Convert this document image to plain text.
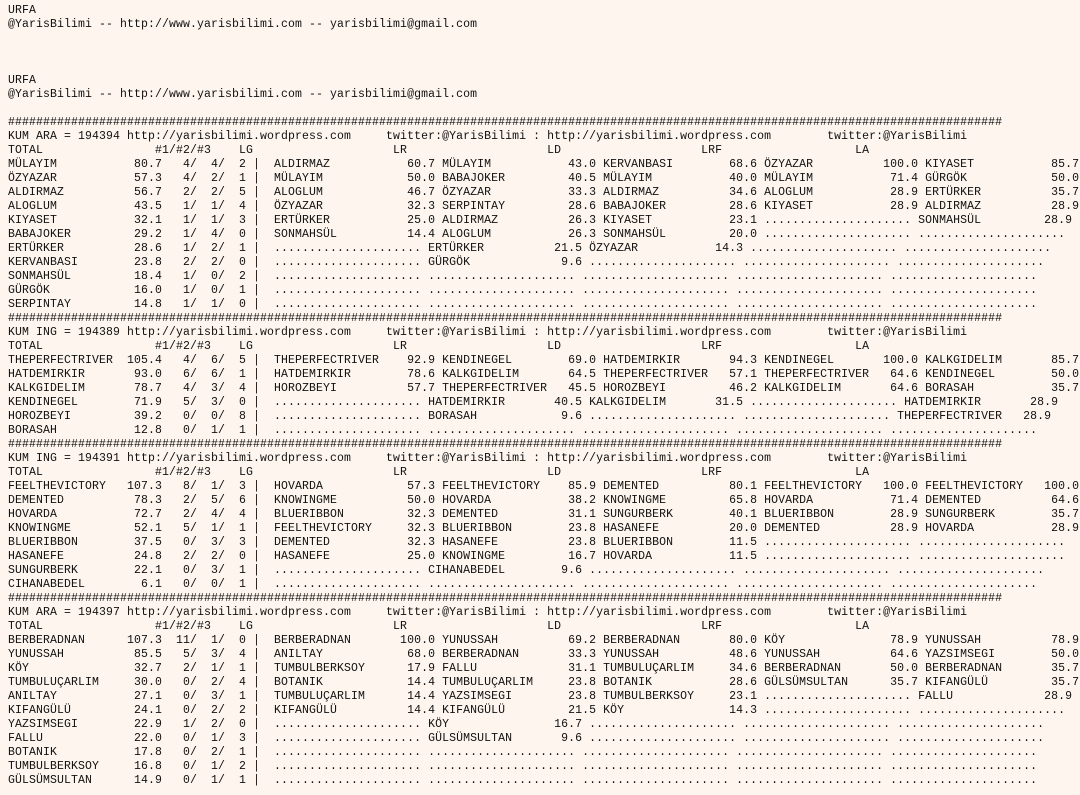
URFA
@YarisBilimi -- http://www.yarisbilimi.com -- yarisbilimi@gmail.com
URFA
@YarisBilimi -- http://www.yarisbilimi.com -- yarisbilimi@gmail.com
##############################################################################################################################################
KUM ARA = 194394 http://yarisbilimi.wordpress.com     twitter:@YarisBilimi : http://yarisbilimi.wordpress.com        twitter:@YarisBilimi
TOTAL                #1/#2/#3    LG                    LR                    LD                    LRF                   LA
MÜLAYIM           80.7   4/  4/  2 |  ALDIRMAZ           60.7 MÜLAYIM           43.0 KERVANBASI        68.6 ÖZYAZAR          100.0 KIYASET           85.7
ÖZYAZAR           57.3   4/  2/  1 |  MÜLAYIM            50.0 BABAJOKER         40.5 MÜLAYIM           40.0 MÜLAYIM           71.4 GÜRGÖK            50.0
ALDIRMAZ          56.7   2/  2/  5 |  ALOGLUM            46.7 ÖZYAZAR           33.3 ALDIRMAZ          34.6 ALOGLUM           28.9 ERTÜRKER          35.7
ALOGLUM           43.5   1/  1/  4 |  ÖZYAZAR            32.3 SERPINTAY         28.6 BABAJOKER         28.6 KIYASET           28.9 ALDIRMAZ          28.9
KIYASET           32.1   1/  1/  3 |  ERTÜRKER           25.0 ALDIRMAZ          26.3 KIYASET           23.1 ..................... SONMAHSÜL         28.9
BABAJOKER         29.2   1/  4/  0 |  SONMAHSÜL          14.4 ALOGLUM           26.3 SONMAHSÜL         20.0 ..................... .....................
ERTÜRKER          28.6   1/  2/  1 |  ..................... ERTÜRKER          21.5 ÖZYAZAR           14.3 ..................... .....................
KERVANBASI        23.8   2/  2/  0 |  ..................... GÜRGÖK             9.6 ..................... ..................... .....................
SONMAHSÜL         18.4   1/  0/  2 |  ..................... ..................... ..................... ..................... .....................
GÜRGÖK            16.0   1/  0/  1 |  ..................... ..................... ..................... ..................... .....................
SERPINTAY         14.8   1/  1/  0 |  ..................... ..................... ..................... ..................... .....................
##############################################################################################################################################
KUM ING = 194389 http://yarisbilimi.wordpress.com     twitter:@YarisBilimi : http://yarisbilimi.wordpress.com        twitter:@YarisBilimi
TOTAL                #1/#2/#3    LG                    LR                    LD                    LRF                   LA
THEPERFECTRIVER  105.4   4/  6/  5 |  THEPERFECTRIVER    92.9 KENDINEGEL        69.0 HATDEMIRKIR       94.3 KENDINEGEL       100.0 KALKGIDELIM       85.7
HATDEMIRKIR       93.0   6/  6/  1 |  HATDEMIRKIR        78.6 KALKGIDELIM       64.5 THEPERFECTRIVER   57.1 THEPERFECTRIVER   64.6 KENDINEGEL        50.0
KALKGIDELIM       78.7   4/  3/  4 |  HOROZBEYI          57.7 THEPERFECTRIVER   45.5 HOROZBEYI         46.2 KALKGIDELIM       64.6 BORASAH           35.7
KENDINEGEL        71.9   5/  3/  0 |  ..................... HATDEMIRKIR       40.5 KALKGIDELIM       31.5 ..................... HATDEMIRKIR       28.9
HOROZBEYI         39.2   0/  0/  8 |  ..................... BORASAH            9.6 ..................... ..................... THEPERFECTRIVER   28.9
BORASAH           12.8   0/  1/  1 |  ..................... ..................... ..................... ..................... .....................
##############################################################################################################################################
KUM ING = 194391 http://yarisbilimi.wordpress.com     twitter:@YarisBilimi : http://yarisbilimi.wordpress.com        twitter:@YarisBilimi
TOTAL                #1/#2/#3    LG                    LR                    LD                    LRF                   LA
FEELTHEVICTORY   107.3   8/  1/  3 |  HOVARDA            57.3 FEELTHEVICTORY    85.9 DEMENTED          80.1 FEELTHEVICTORY   100.0 FEELTHEVICTORY   100.0
DEMENTED          78.3   2/  5/  6 |  KNOWINGME          50.0 HOVARDA           38.2 KNOWINGME         65.8 HOVARDA           71.4 DEMENTED          64.6
HOVARDA           72.7   2/  4/  4 |  BLUERIBBON         32.3 DEMENTED          31.1 SUNGURBERK        40.1 BLUERIBBON        28.9 SUNGURBERK        35.7
KNOWINGME         52.1   5/  1/  1 |  FEELTHEVICTORY     32.3 BLUERIBBON        23.8 HASANEFE          20.0 DEMENTED          28.9 HOVARDA           28.9
BLUERIBBON        37.5   0/  3/  3 |  DEMENTED           32.3 HASANEFE          23.8 BLUERIBBON        11.5 ..................... .....................
HASANEFE          24.8   2/  2/  0 |  HASANEFE           25.0 KNOWINGME         16.7 HOVARDA           11.5 ..................... .....................
SUNGURBERK        22.1   0/  3/  1 |  ..................... CIHANABEDEL        9.6 ..................... ..................... .....................
CIHANABEDEL        6.1   0/  0/  1 |  ..................... ..................... ..................... ..................... .....................
##############################################################################################################################################
KUM ARA = 194397 http://yarisbilimi.wordpress.com     twitter:@YarisBilimi : http://yarisbilimi.wordpress.com        twitter:@YarisBilimi
TOTAL                #1/#2/#3    LG                    LR                    LD                    LRF                   LA
BERBERADNAN      107.3  11/  1/  0 |  BERBERADNAN       100.0 YUNUSSAH          69.2 BERBERADNAN       80.0 KÖY               78.9 YUNUSSAH          78.9
YUNUSSAH          85.5   5/  3/  4 |  ANILTAY            68.0 BERBERADNAN       33.3 YUNUSSAH          48.6 YUNUSSAH          64.6 YAZSIMSEGI        50.0
KÖY               32.7   2/  1/  1 |  TUMBULBERKSOY      17.9 FALLU             31.1 TUMBULUÇARLIM     34.6 BERBERADNAN       50.0 BERBERADNAN       35.7
TUMBULUÇARLIM     30.0   0/  2/  4 |  BOTANIK            14.4 TUMBULUÇARLIM     23.8 BOTANIK           28.6 GÜLSÜMSULTAN      35.7 KIFANGÜLÜ         35.7
ANILTAY           27.1   0/  3/  1 |  TUMBULUÇARLIM      14.4 YAZSIMSEGI        23.8 TUMBULBERKSOY     23.1 ..................... FALLU             28.9
KIFANGÜLÜ         24.1   0/  2/  2 |  KIFANGÜLÜ          14.4 KIFANGÜLÜ         21.5 KÖY               14.3 ..................... .....................
YAZSIMSEGI        22.9   1/  2/  0 |  ..................... KÖY               16.7 ..................... ..................... .....................
FALLU             22.0   0/  1/  3 |  ..................... GÜLSÜMSULTAN       9.6 ..................... ..................... .....................
BOTANIK           17.8   0/  2/  1 |  ..................... ..................... ..................... ..................... .....................
TUMBULBERKSOY     16.8   0/  1/  2 |  ..................... ..................... ..................... ..................... .....................
GÜLSÜMSULTAN      14.9   0/  1/  1 |  ..................... ..................... ..................... ..................... .....................
